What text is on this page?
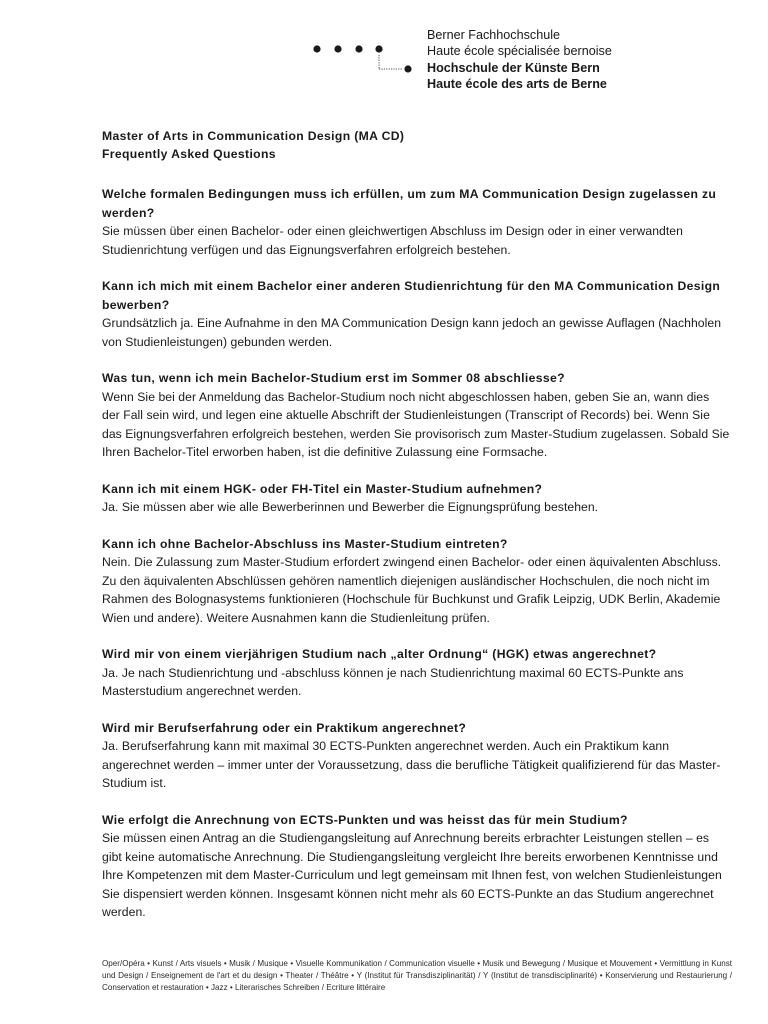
Berner Fachhochschule
Haute école spécialisée bernoise
Hochschule der Künste Bern
Haute école des arts de Berne

Master of Arts in Communication Design (MA CD)

Frequently Asked Questions

Welche formalen Bedingungen muss ich erfüllen, um zum MA Communication Design zugelassen zu werden?

Sie müssen über einen Bachelor- oder einen gleichwertigen Abschluss im Design oder in einer verwandten Studienrichtung verfügen und das Eignungsverfahren erfolgreich bestehen.

Kann ich mich mit einem Bachelor einer anderen Studienrichtung für den MA Communication Design bewerben?

Grundsätzlich ja. Eine Aufnahme in den MA Communication Design kann jedoch an gewisse Auflagen (Nachholen von Studienleistungen) gebunden werden.

Was tun, wenn ich mein Bachelor-Studium erst im Sommer 08 abschliesse?

Wenn Sie bei der Anmeldung das Bachelor-Studium noch nicht abgeschlossen haben, geben Sie an, wann dies der Fall sein wird, und legen eine aktuelle Abschrift der Studienleistungen (Transcript of Records) bei. Wenn Sie das Eignungsverfahren erfolgreich bestehen, werden Sie provisorisch zum Master-Studium zugelassen. Sobald Sie Ihren Bachelor-Titel erworben haben, ist die definitive Zulassung eine Formsache.

Kann ich mit einem HGK- oder FH-Titel ein Master-Studium aufnehmen?

Ja. Sie müssen aber wie alle Bewerberinnen und Bewerber die Eignungsprüfung bestehen.

Kann ich ohne Bachelor-Abschluss ins Master-Studium eintreten?

Nein. Die Zulassung zum Master-Studium erfordert zwingend einen Bachelor- oder einen äquivalenten Abschluss. Zu den äquivalenten Abschlüssen gehören namentlich diejenigen ausländischer Hochschulen, die noch nicht im Rahmen des Bolognasystems funktionieren (Hochschule für Buchkunst und Grafik Leipzig, UDK Berlin, Akademie Wien und andere). Weitere Ausnahmen kann die Studienleitung prüfen.

Wird mir von einem vierjährigen Studium nach „alter Ordnung“ (HGK) etwas angerechnet?

Ja. Je nach Studienrichtung und -abschluss können je nach Studienrichtung maximal 60 ECTS-Punkte ans Masterstudium angerechnet werden.

Wird mir Berufserfahrung oder ein Praktikum angerechnet?

Ja. Berufserfahrung kann mit maximal 30 ECTS-Punkten angerechnet werden. Auch ein Praktikum kann angerechnet werden – immer unter der Voraussetzung, dass die berufliche Tätigkeit qualifizierend für das Master-Studium ist.

Wie erfolgt die Anrechnung von ECTS-Punkten und was heisst das für mein Studium?

Sie müssen einen Antrag an die Studiengangsleitung auf Anrechnung bereits erbrachter Leistungen stellen – es gibt keine automatische Anrechnung. Die Studiengangsleitung vergleicht Ihre bereits erworbenen Kenntnisse und Ihre Kompetenzen mit dem Master-Curriculum und legt gemeinsam mit Ihnen fest, von welchen Studienleistungen Sie dispensiert werden können. Insgesamt können nicht mehr als 60 ECTS-Punkte an das Studium angerechnet werden.

Oper/Opéra • Kunst / Arts visuels • Musik / Musique • Visuelle Kommunikation / Communication visuelle • Musik und Bewegung / Musique et Mouvement • Vermittlung in Kunst und Design / Enseignement de l'art et du design • Theater / Théâtre • Y (Institut für Transdisziplinarität) / Y (Institut de transdisciplinarité) • Konservierung und Restaurierung / Conservation et restauration • Jazz • Literarisches Schreiben / Ecriture littéraire
